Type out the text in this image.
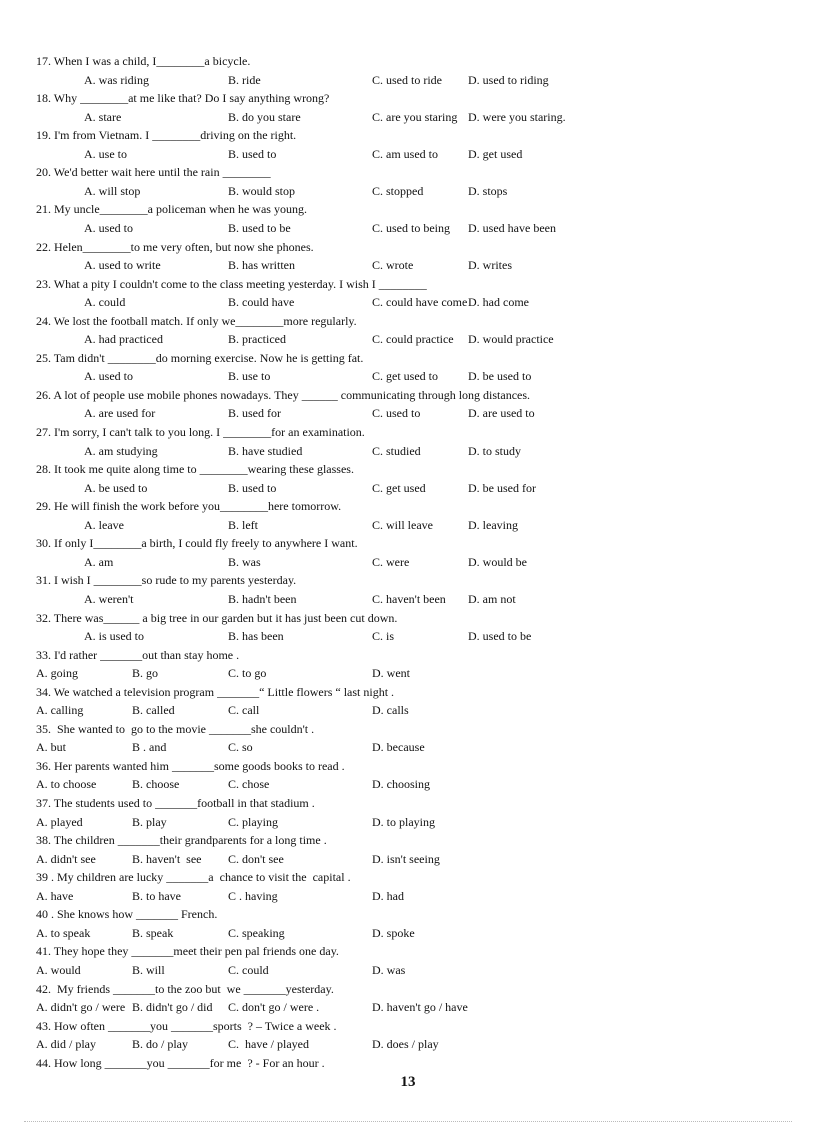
17. When I was a child, I________a bicycle.
A. was riding	B. ride	C. used to ride D. used to riding
18. Why ________at me like that? Do I say anything wrong?
A. stare	B. do you stare	C. are you staring D. were you staring.
19. I'm from Vietnam. I ________driving on the right.
A. use to	B. used to	C. am used to	D. get used
20. We'd better wait here until the rain ________
A. will stop	B. would stop	C. stopped	D. stops
21. My uncle________a policeman when he was young.
A. used to	B. used to be	C. used to being D. used have been
22. Helen________to me very often, but now she phones.
A. used to write	B. has written	C. wrote	D. writes
23. What a pity I couldn't come to the class meeting yesterday. I wish I ________
A. could	B. could have	C. could have come D. had come
24. We lost the football match. If only we________more regularly.
A. had practiced	B. practiced	C. could practice D. would practice
25. Tam didn't ________do morning exercise. Now he is getting fat.
A. used to	B. use to	C. get used to	D. be used to
26. A lot of people use mobile phones nowadays. They ______ communicating through long distances.
A. are used for	B. used for	C. used to	D. are used to
27. I'm sorry, I can't talk to you long. I ________for an examination.
A. am studying	B. have studied	C. studied	D. to study
28. It took me quite along time to ________wearing these glasses.
A. be used to	B. used to	C. get used	D. be used for
29. He will finish the work before you________here tomorrow.
A. leave	B. left	C. will leave	D. leaving
30. If only I________a birth, I could fly freely to anywhere I want.
A. am	B. was	C. were	D. would be
31. I wish I ________so rude to my parents yesterday.
A. weren't	B. hadn't been	C. haven't been D. am not
32. There was______ a big tree in our garden but it has just been cut down.
A. is used to	B. has been	C. is	D. used to be
33. I'd rather _______out than stay home .
A. going	B. go	C. to go	D. went
34. We watched a television program _______“ Little flowers “ last night .
A. calling	B. called	C. call	D. calls
35.  She wanted to  go to the movie _______she couldn't .
A. but	B . and	C. so	D. because
36. Her parents wanted him _______some goods books to read .
A. to choose	B. choose	C. chose	D. choosing
37. The students used to _______football in that stadium .
A. played	B. play	C. playing	D. to playing
38. The children _______their grandparents for a long time .
A. didn't see	B. haven't  see C. don't see	D. isn't seeing
39 . My children are lucky _______a  chance to visit the  capital .
A. have	B. to have	C . having	D. had
40 . She knows how _______ French.
A. to speak	B. speak	C. speaking	D. spoke
41. They hope they _______meet their pen pal friends one day.
A. would	B. will	C. could	D. was
42.  My friends _______to the zoo but  we _______yesterday.
A. didn't go / were B. didn't go / did C. don't go / were .	D. haven't go / have
43. How often _______you _______sports  ? – Twice a week .
A. did / play	B. do / play	C.  have / played	D. does / play
44. How long _______you _______for me  ? - For an hour .
13
